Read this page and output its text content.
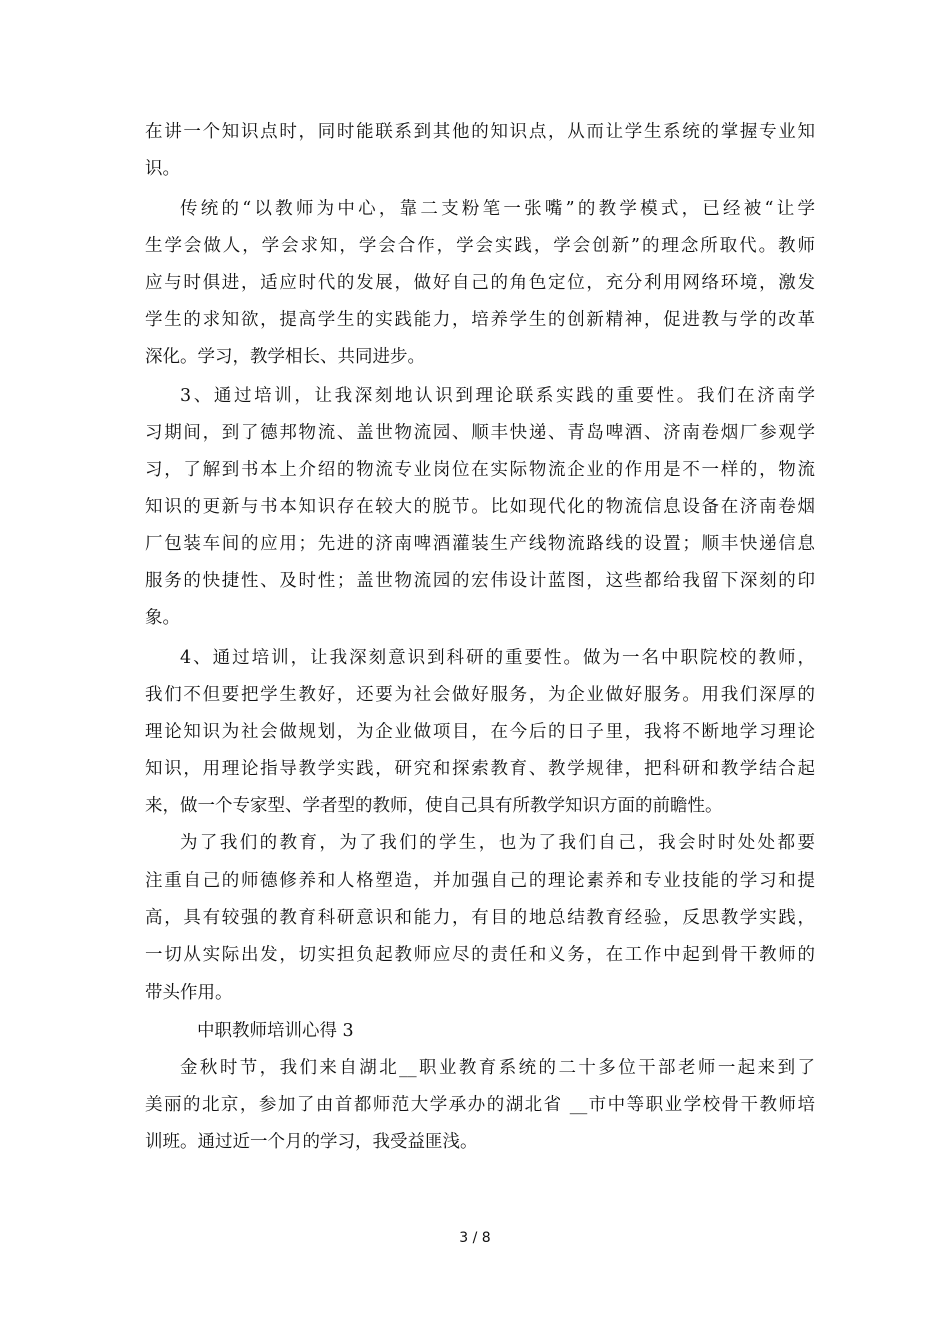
在讲一个知识点时，同时能联系到其他的知识点，从而让学生系统的掌握专业知
识。
传统的“以教师为中心，靠二支粉笔一张嘴”的教学模式，已经被“让学
生学会做人，学会求知，学会合作，学会实践，学会创新”的理念所取代。教师
应与时俱进，适应时代的发展，做好自己的角色定位，充分利用网络环境，激发
学生的求知欲，提高学生的实践能力，培养学生的创新精神，促进教与学的改革
深化。学习，教学相长、共同进步。
3、通过培训，让我深刻地认识到理论联系实践的重要性。我们在济南学
习期间，到了德邦物流、盖世物流园、顺丰快递、青岛啤酒、济南卷烟厂参观学
习，了解到书本上介绍的物流专业岗位在实际物流企业的作用是不一样的，物流
知识的更新与书本知识存在较大的脱节。比如现代化的物流信息设备在济南卷烟
厂包装车间的应用；先进的济南啤酒灌装生产线物流路线的设置；顺丰快递信息
服务的快捷性、及时性；盖世物流园的宏伟设计蓝图，这些都给我留下深刻的印
象。
4、通过培训，让我深刻意识到科研的重要性。做为一名中职院校的教师，
我们不但要把学生教好，还要为社会做好服务，为企业做好服务。用我们深厚的
理论知识为社会做规划，为企业做项目，在今后的日子里，我将不断地学习理论
知识，用理论指导教学实践，研究和探索教育、教学规律，把科研和教学结合起
来，做一个专家型、学者型的教师，使自己具有所教学知识方面的前瞻性。
为了我们的教育，为了我们的学生，也为了我们自己，我会时时处处都要
注重自己的师德修养和人格塑造，并加强自己的理论素养和专业技能的学习和提
高，具有较强的教育科研意识和能力，有目的地总结教育经验，反思教学实践，
一切从实际出发，切实担负起教师应尽的责任和义务，在工作中起到骨干教师的
带头作用。
中职教师培训心得 3
金秋时节，我们来自湖北__职业教育系统的二十多位干部老师一起来到了
美丽的北京，参加了由首都师范大学承办的湖北省 __市中等职业学校骨干教师培
训班。通过近一个月的学习，我受益匪浅。
3 / 8
